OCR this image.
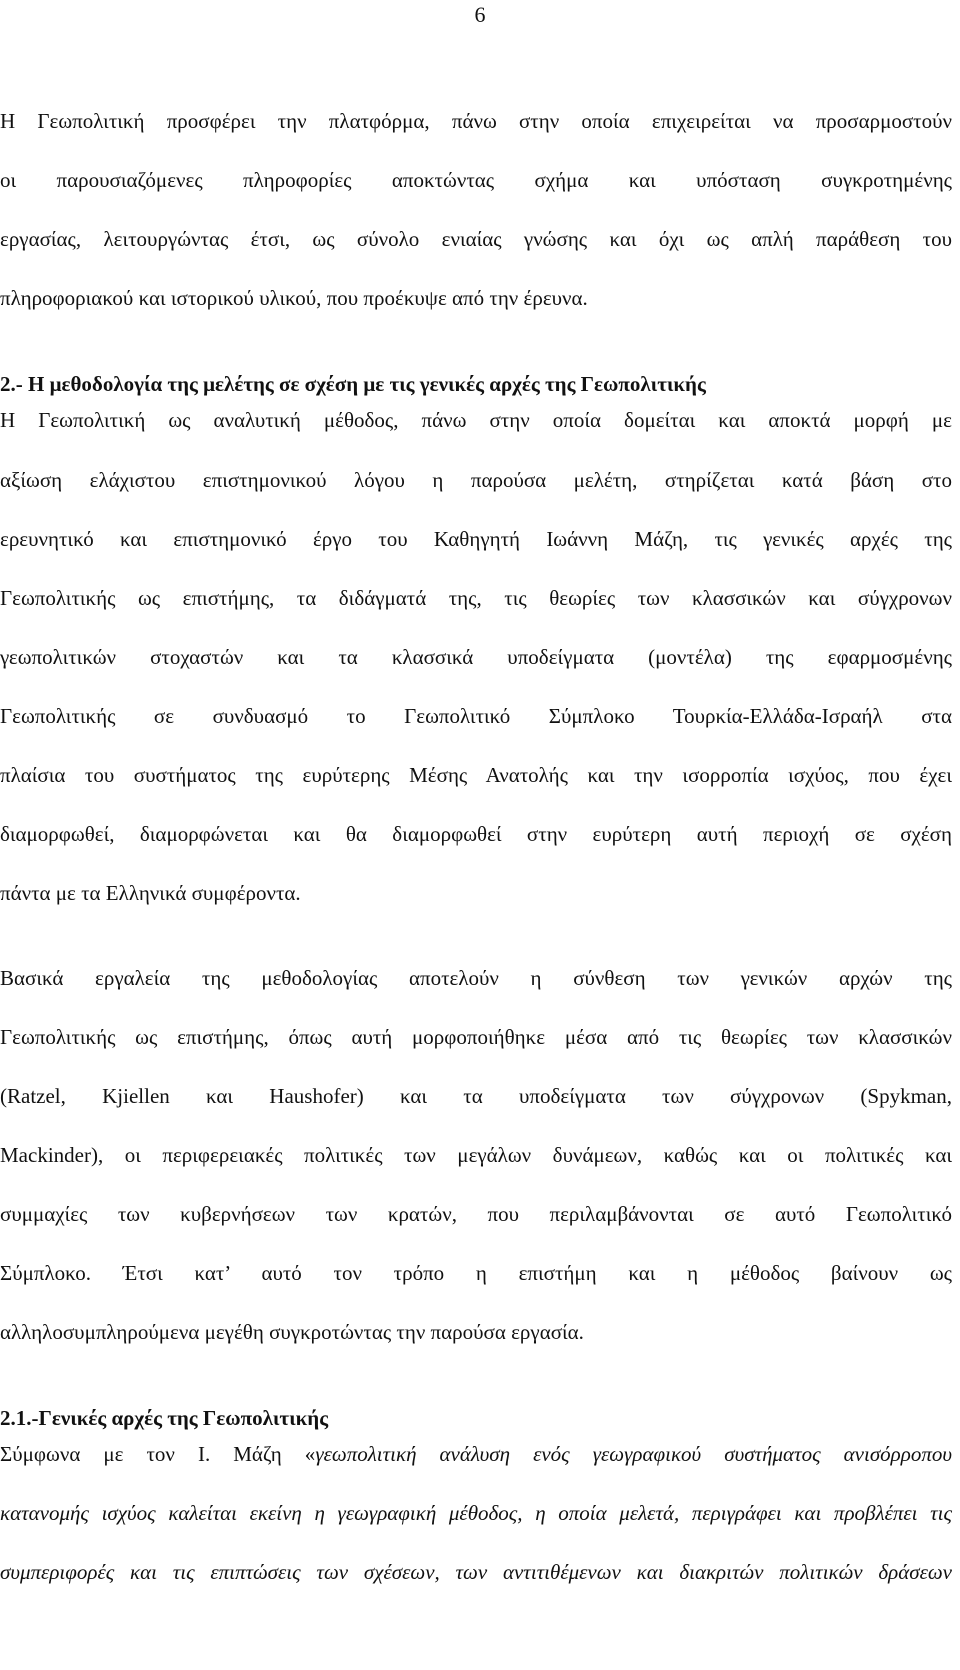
6
Η Γεωπολιτική προσφέρει την πλατφόρμα, πάνω στην οποία επιχειρείται να προσαρμοστούν
οι παρουσιαζόμενες πληροφορίες αποκτώντας σχήμα και υπόσταση συγκροτημένης
εργασίας, λειτουργώντας έτσι, ως σύνολο ενιαίας γνώσης και όχι ως απλή παράθεση του
πληροφοριακού και ιστορικού υλικού, που προέκυψε από την έρευνα.
2.- Η μεθοδολογία της μελέτης σε σχέση με τις γενικές αρχές της Γεωπολιτικής
Η Γεωπολιτική ως αναλυτική μέθοδος, πάνω στην οποία δομείται και αποκτά μορφή με
αξίωση ελάχιστου επιστημονικού λόγου η παρούσα μελέτη, στηρίζεται κατά βάση στο
ερευνητικό και επιστημονικό έργο του Καθηγητή Ιωάννη Μάζη, τις γενικές αρχές της
Γεωπολιτικής ως επιστήμης, τα διδάγματά της, τις θεωρίες των κλασσικών και σύγχρονων
γεωπολιτικών στοχαστών και τα κλασσικά υποδείγματα (μοντέλα) της εφαρμοσμένης
Γεωπολιτικής σε συνδυασμό το Γεωπολιτικό Σύμπλοκο Τουρκία-Ελλάδα-Ισραήλ στα
πλαίσια του συστήματος της ευρύτερης Μέσης Ανατολής και την ισορροπία ισχύος, που έχει
διαμορφωθεί, διαμορφώνεται και θα διαμορφωθεί στην ευρύτερη αυτή περιοχή σε σχέση
πάντα με τα Ελληνικά συμφέροντα.
Βασικά εργαλεία της μεθοδολογίας αποτελούν η σύνθεση των γενικών αρχών της
Γεωπολιτικής ως επιστήμης, όπως αυτή μορφοποιήθηκε μέσα από τις θεωρίες των κλασσικών
(Ratzel, Kjiellen και Haushofer) και τα υποδείγματα των σύγχρονων (Spykman,
Mackinder), οι περιφερειακές πολιτικές των μεγάλων δυνάμεων, καθώς και οι πολιτικές και
συμμαχίες των κυβερνήσεων των κρατών, που περιλαμβάνονται σε αυτό Γεωπολιτικό
Σύμπλοκο. Έτσι κατ’ αυτό τον τρόπο η επιστήμη και η μέθοδος βαίνουν ως
αλληλοσυμπληρούμενα μεγέθη συγκροτώντας την παρούσα εργασία.
2.1.-Γενικές αρχές της Γεωπολιτικής
Σύμφωνα με τον Ι. Μάζη «γεωπολιτική ανάλυση ενός γεωγραφικού συστήματος ανισόρροπου
κατανομής ισχύος καλείται εκείνη η γεωγραφική μέθοδος, η οποία μελετά, περιγράφει και προβλέπει τις
συμπεριφορές και τις επιπτώσεις των σχέσεων, των αντιτιθέμενων και διακριτών πολιτικών δράσεων
